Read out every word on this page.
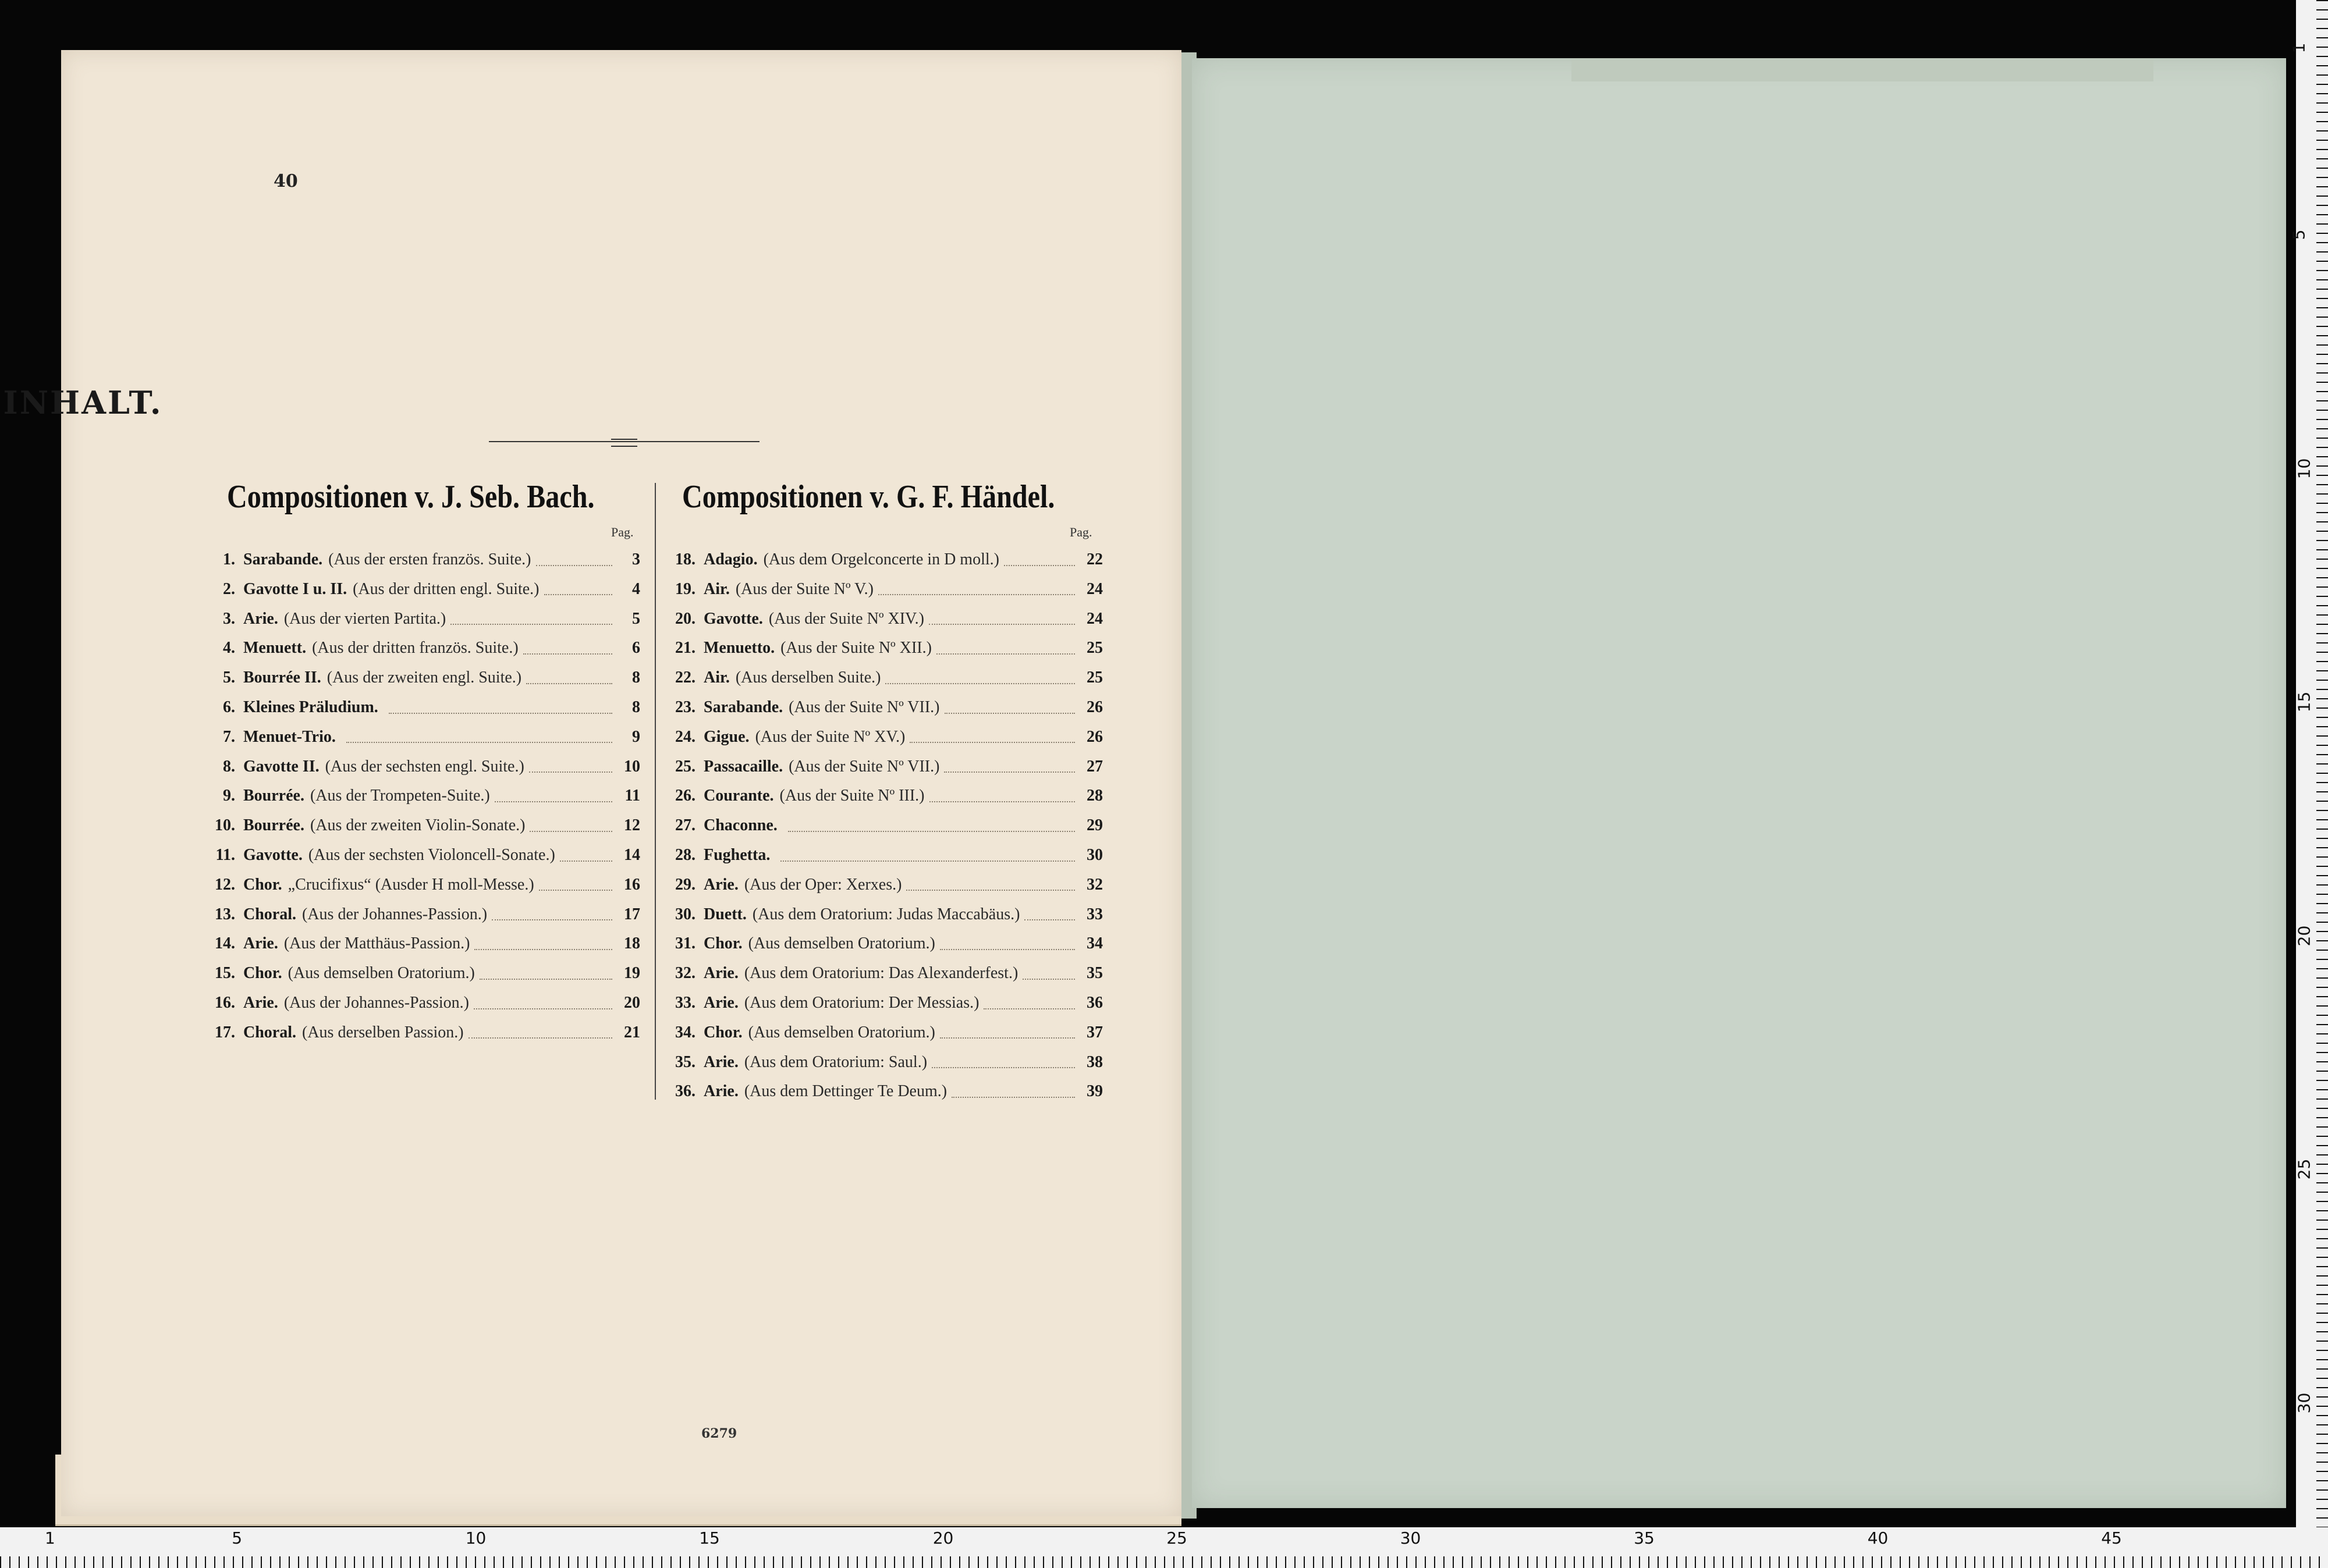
40
6279
INHALT.
Compositionen v. J. Seb. Bach.
Pag.
Compositionen v. G. F. Händel.
Pag.
1. Sarabande. (Aus der ersten französ. Suite.)	3
2. Gavotte I u. II. (Aus der dritten engl. Suite.)	4
3. Arie. (Aus der vierten Partita.)	5
4. Menuett. (Aus der dritten französ. Suite.)	6
5. Bourrée II. (Aus der zweiten engl. Suite.)	8
6. Kleines Präludium.	8
7. Menuet-Trio.	9
8. Gavotte II. (Aus der sechsten engl. Suite.)	10
9. Bourrée. (Aus der Trompeten-Suite.)	11
10. Bourrée. (Aus der zweiten Violin-Sonate.)	12
11. Gavotte. (Aus der sechsten Violoncell-Sonate.)	14
12. Chor. „Crucifixus“ (Ausder H moll-Messe.)	16
13. Choral. (Aus der Johannes-Passion.)	17
14. Arie. (Aus der Matthäus-Passion.)	18
15. Chor. (Aus demselben Oratorium.)	19
16. Arie. (Aus der Johannes-Passion.)	20
17. Choral. (Aus derselben Passion.)	21
18. Adagio. (Aus dem Orgelconcerte in D moll.)	22
19. Air. (Aus der Suite Nº V.)	24
20. Gavotte. (Aus der Suite Nº XIV.)	24
21. Menuetto. (Aus der Suite Nº XII.)	25
22. Air. (Aus derselben Suite.)	25
23. Sarabande. (Aus der Suite Nº VII.)	26
24. Gigue. (Aus der Suite Nº XV.)	26
25. Passacaille. (Aus der Suite Nº VII.)	27
26. Courante. (Aus der Suite Nº III.)	28
27. Chaconne.	29
28. Fughetta.	30
29. Arie. (Aus der Oper: Xerxes.)	32
30. Duett. (Aus dem Oratorium: Judas Maccabäus.)	33
31. Chor. (Aus demselben Oratorium.)	34
32. Arie. (Aus dem Oratorium: Das Alexanderfest.)	35
33. Arie. (Aus dem Oratorium: Der Messias.)	36
34. Chor. (Aus demselben Oratorium.)	37
35. Arie. (Aus dem Oratorium: Saul.)	38
36. Arie. (Aus dem Dettinger Te Deum.)	39
1	5	10	15	20	25	30	35	40	45
1
5
10
15
20
25
30
